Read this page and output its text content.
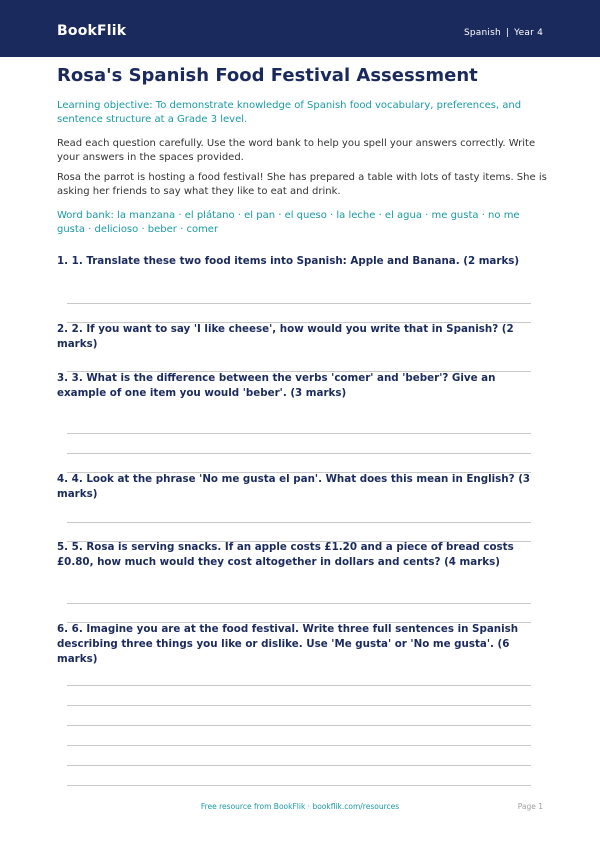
BookFlik	Spanish | Year 4
Rosa's Spanish Food Festival Assessment

Learning objective: To demonstrate knowledge of Spanish food vocabulary, preferences, and sentence structure at a Grade 3 level.

Read each question carefully. Use the word bank to help you spell your answers correctly. Write your answers in the spaces provided.

Rosa the parrot is hosting a food festival! She has prepared a table with lots of tasty items. She is asking her friends to say what they like to eat and drink.

Word bank: la manzana · el plátano · el pan · el queso · la leche · el agua · me gusta · no me gusta · delicioso · beber · comer

1. 1. Translate these two food items into Spanish: Apple and Banana. (2 marks)

2. 2. If you want to say 'I like cheese', how would you write that in Spanish? (2 marks)

3. 3. What is the difference between the verbs 'comer' and 'beber'? Give an example of one item you would 'beber'. (3 marks)

4. 4. Look at the phrase 'No me gusta el pan'. What does this mean in English? (3 marks)

5. 5. Rosa is serving snacks. If an apple costs £1.20 and a piece of bread costs £0.80, how much would they cost altogether in dollars and cents? (4 marks)

6. 6. Imagine you are at the food festival. Write three full sentences in Spanish describing three things you like or dislike. Use 'Me gusta' or 'No me gusta'. (6 marks)

Free resource from BookFlik · bookflik.com/resources	Page 1
